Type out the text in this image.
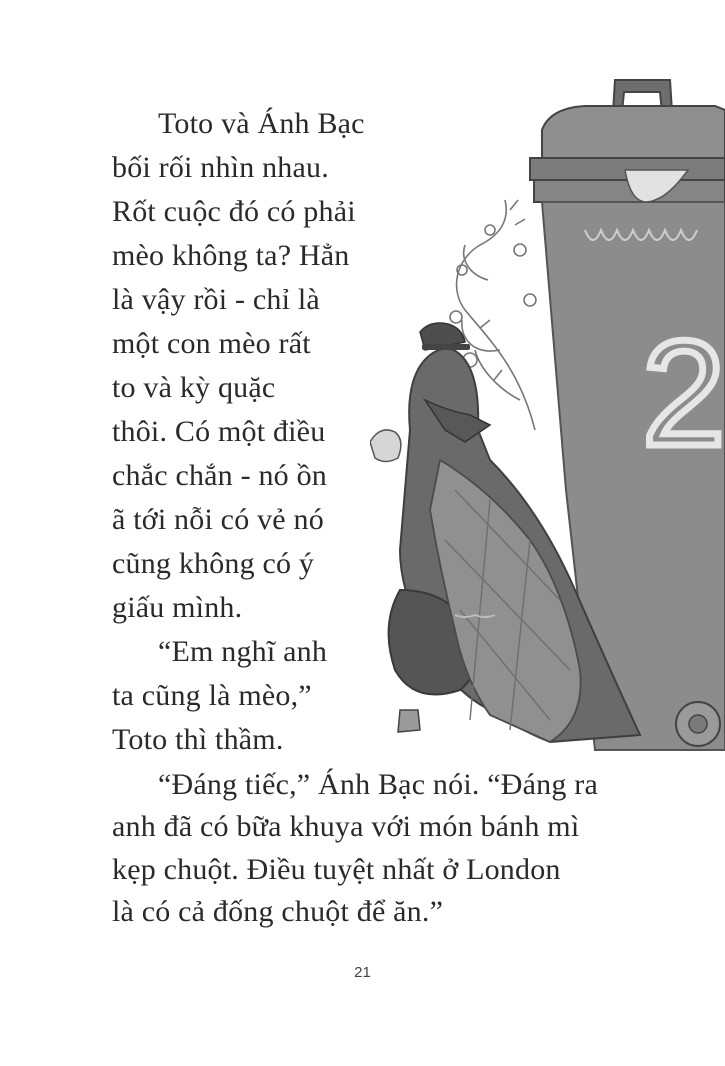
Toto và Ánh Bạc
bối rối nhìn nhau.
Rốt cuộc đó có phải
mèo không ta? Hẳn
là vậy rồi - chỉ là
một con mèo rất
to và kỳ quặc
thôi. Có một điều
chắc chắn - nó ồn
ã tới nỗi có vẻ nó
cũng không có ý
giấu mình.
“Em nghĩ anh
ta cũng là mèo,”
Toto thì thầm.
2
“Đáng tiếc,” Ánh Bạc nói. “Đáng ra
anh đã có bữa khuya với món bánh mì
kẹp chuột. Điều tuyệt nhất ở London
là có cả đống chuột để ăn.”
21
